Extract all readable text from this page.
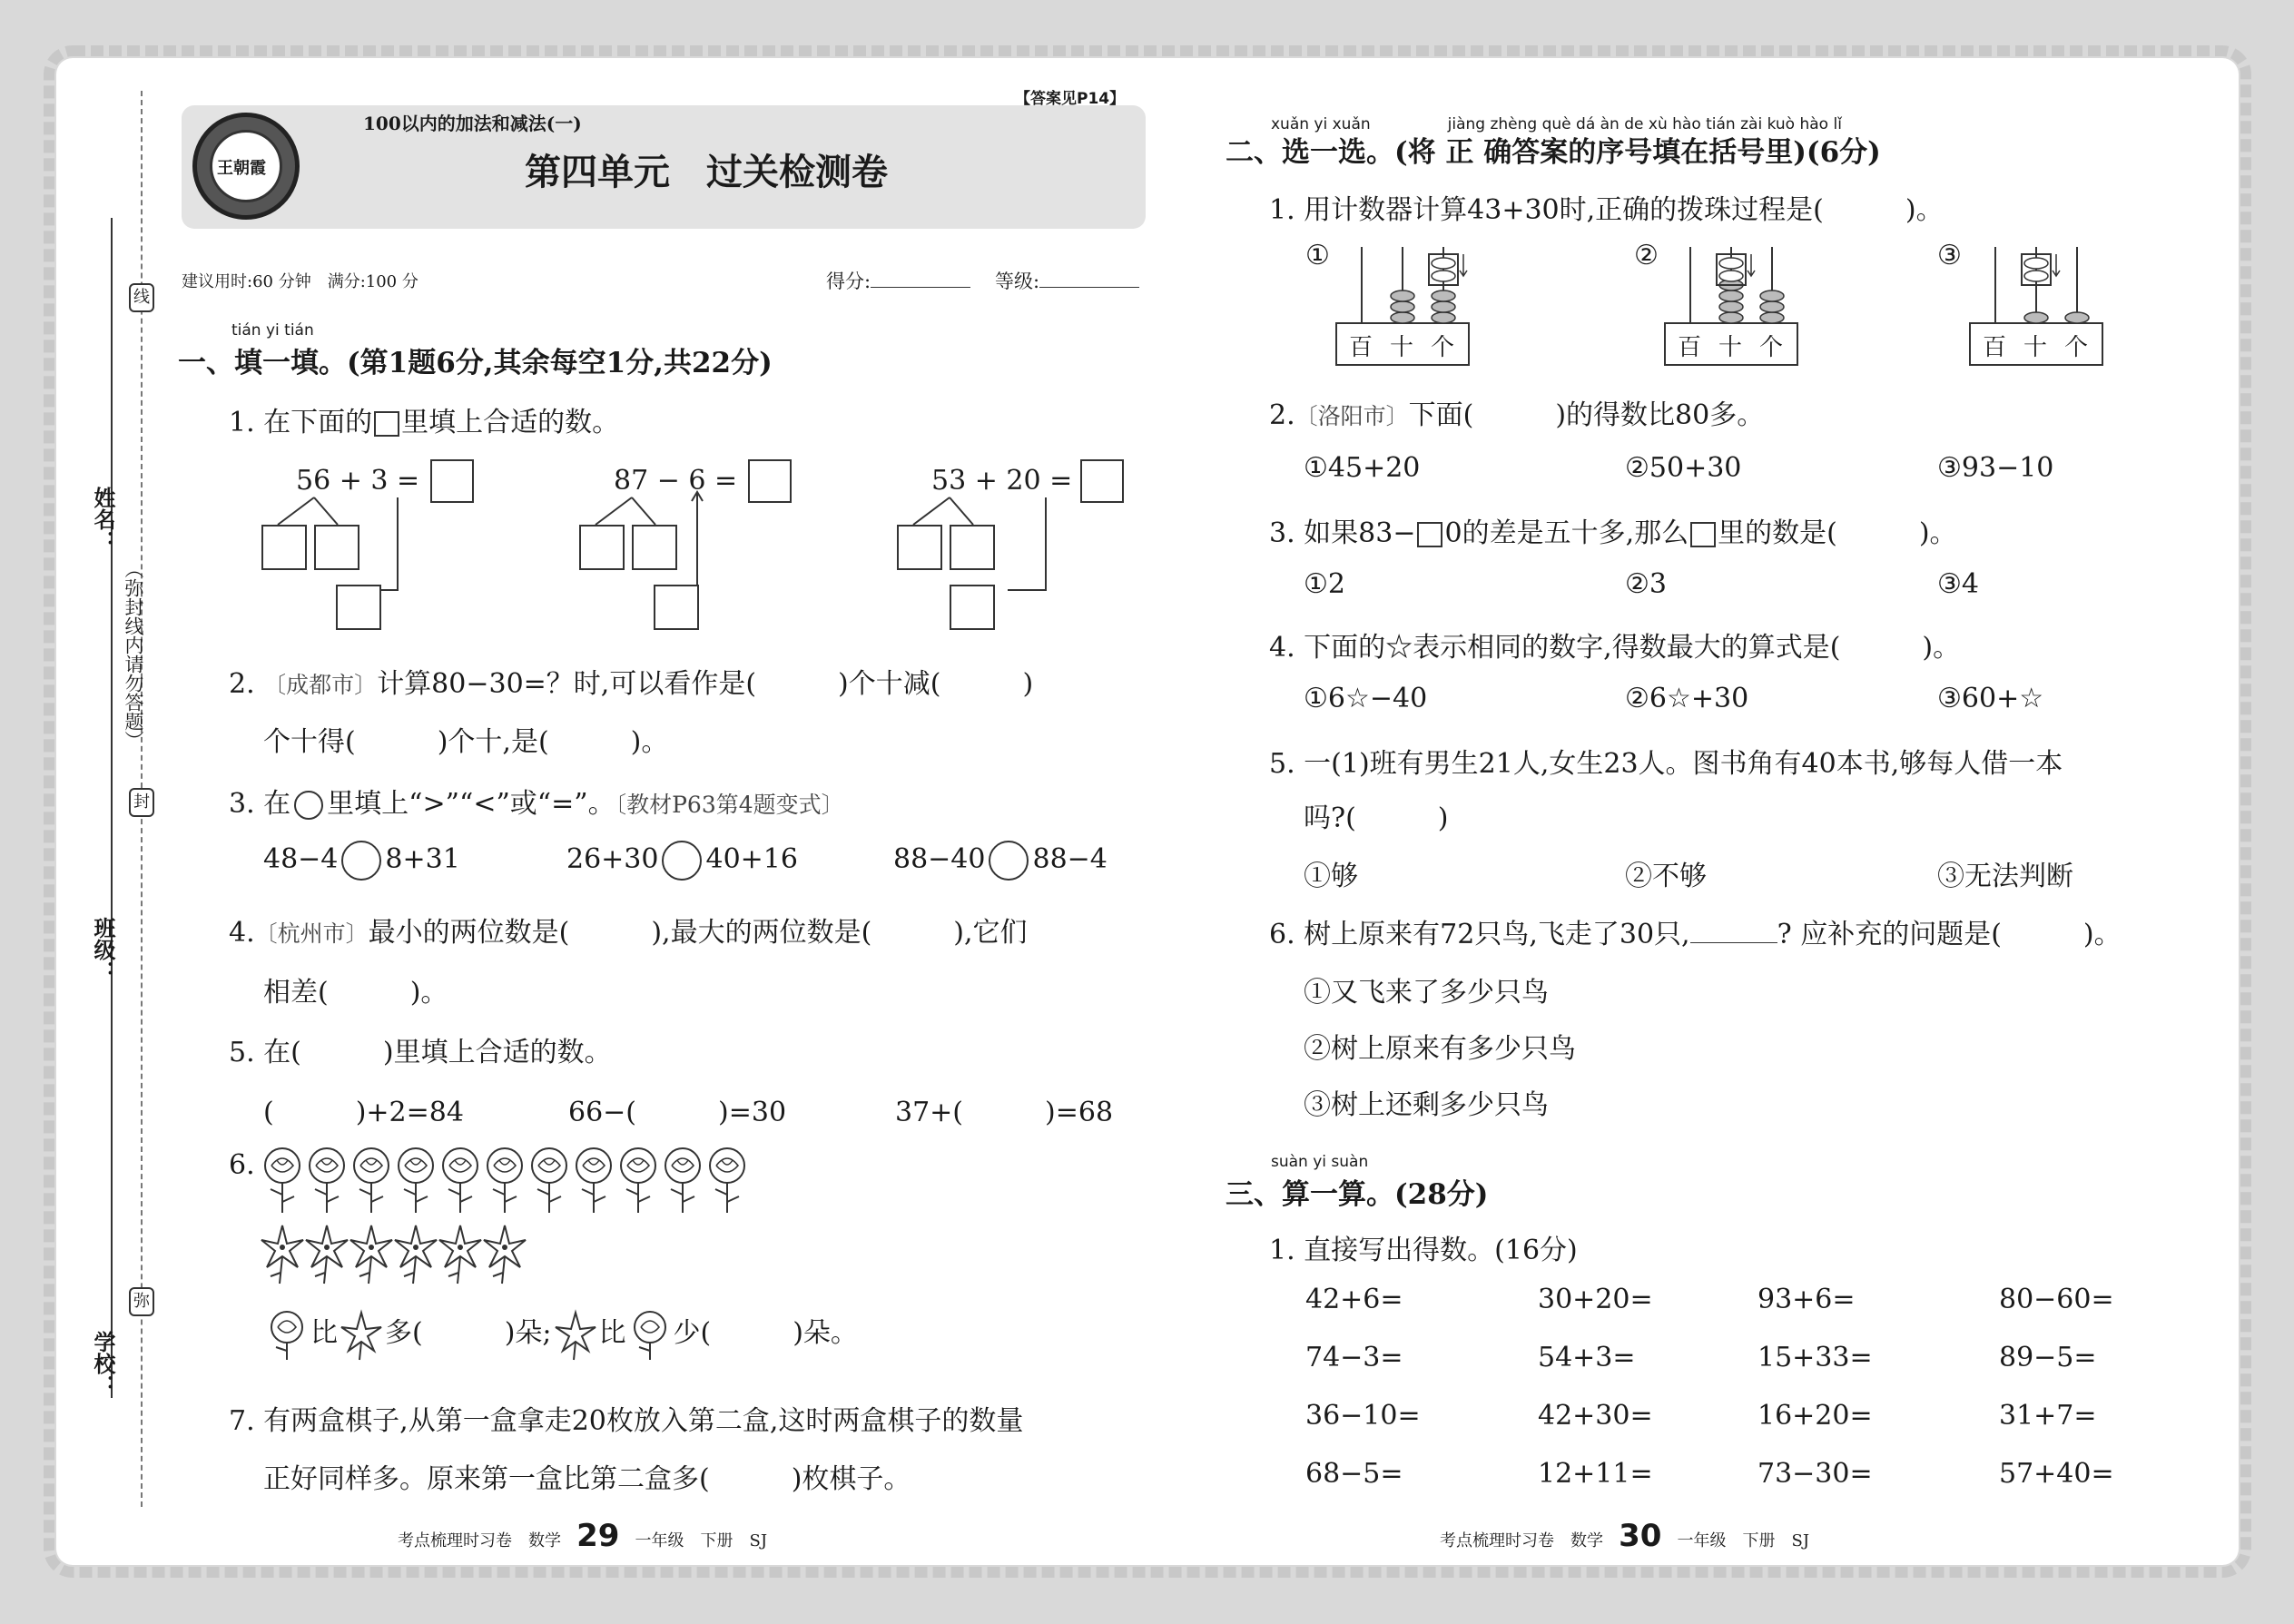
线
封
弥
（弥封线内请勿答题）
姓名：
班级：
学校：
王朝霞
【答案见P14】
100以内的加法和减法(一)
第四单元　过关检测卷
建议用时:60 分钟　满分:100 分	得分:	等级:
tián yi tián
一、填一填。(第1题6分,其余每空1分,共22分)
1. 在下面的 里填上合适的数。
56 + 3 =	87 − 6 =	53 + 20 =
2. 〔成都市〕计算80−30=？时,可以看作是(　　　)个十减(　　　)
个十得(　　　)个十,是(　　　)。
3. 在 里填上“>”“<”或“=”。〔教材P63第4题变式〕
48−4 8+31	26+30 40+16	88−40 88−4
4.〔杭州市〕最小的两位数是(　　　),最大的两位数是(　　　),它们
相差(　　　)。
5. 在(　　　)里填上合适的数。
(　　　)+2=84	66−(　　　)=30	37+(　　　)=68
6.
比 多(　　　)朵; 比 少(　　　)朵。
7. 有两盒棋子,从第一盒拿走20枚放入第二盒,这时两盒棋子的数量
正好同样多。原来第一盒比第二盒多(　　　)枚棋子。
考点梳理时习卷　数学 29 一年级　下册　SJ
xuǎn yi xuǎn　　　　　jiàng zhèng què dá àn de xù hào tián zài kuò hào lǐ
二、选一选。(将 正 确答案的序号填在括号里)(6分)
1. 用计数器计算43+30时,正确的拨珠过程是(　　　)。
①	②	③
百 十 个	百 十 个	百 十 个
2.〔洛阳市〕下面(　　　)的得数比80多。
①45+20	②50+30	③93−10
3. 如果83− 0的差是五十多,那么 里的数是(　　　)。
①2	②3	③4
4. 下面的☆表示相同的数字,得数最大的算式是(　　　)。
①6☆−40	②6☆+30	③60+☆
5. 一(1)班有男生21人,女生23人。图书角有40本书,够每人借一本
吗?(　　　)
①够	②不够	③无法判断
6. 树上原来有72只鸟,飞走了30只,	? 应补充的问题是(　　　)。
①又飞来了多少只鸟
②树上原来有多少只鸟
③树上还剩多少只鸟
suàn yi suàn
三、算一算。(28分)
1. 直接写出得数。(16分)
42+6=	30+20=	93+6=	80−60=
74−3=	54+3=	15+33=	89−5=
36−10=	42+30=	16+20=	31+7=
68−5=	12+11=	73−30=	57+40=
考点梳理时习卷　数学 30 一年级　下册　SJ
